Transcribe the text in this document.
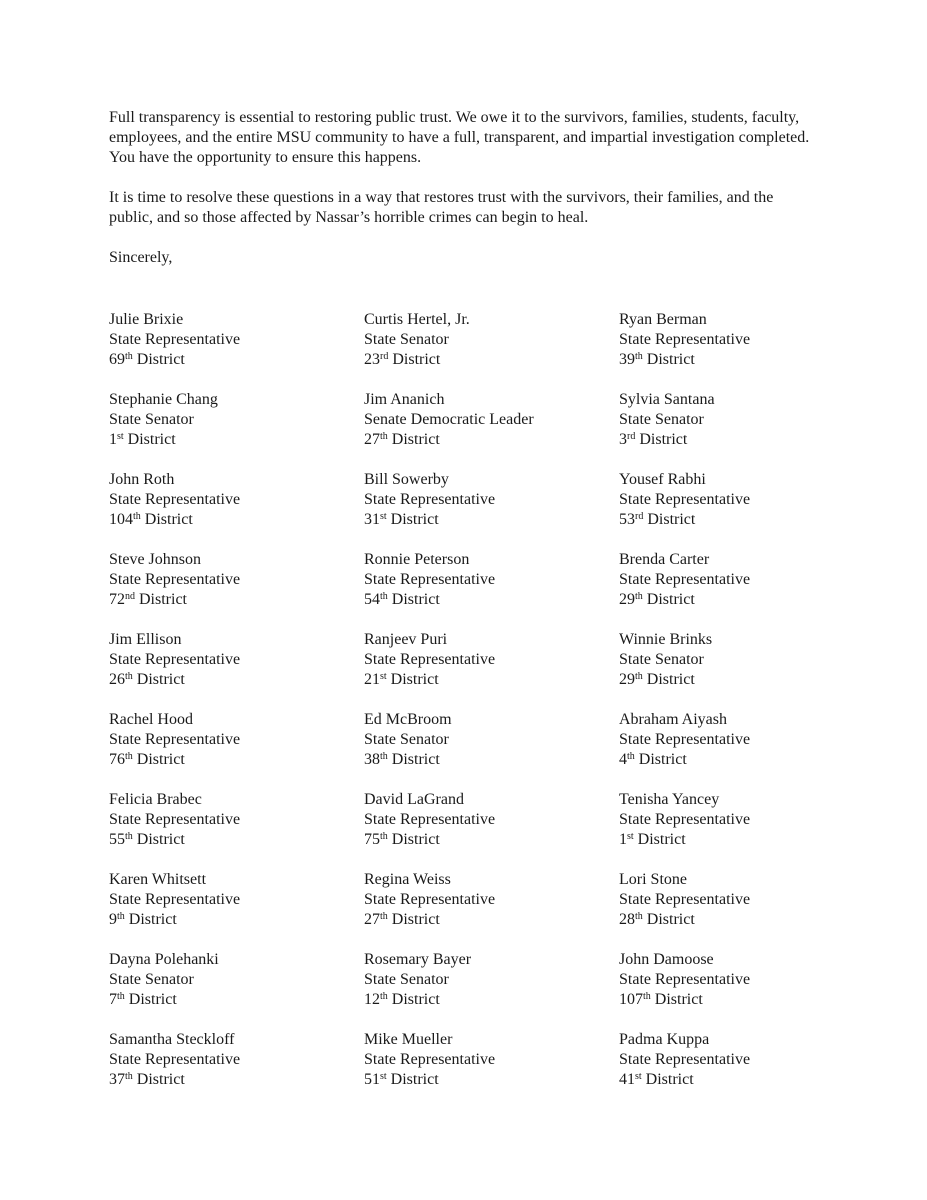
Full transparency is essential to restoring public trust. We owe it to the survivors, families, students, faculty, employees, and the entire MSU community to have a full, transparent, and impartial investigation completed. You have the opportunity to ensure this happens.

It is time to resolve these questions in a way that restores trust with the survivors, their families, and the public, and so those affected by Nassar’s horrible crimes can begin to heal.

Sincerely,

Julie Brixie
State Representative
69th District
Curtis Hertel, Jr.
State Senator
23rd District
Ryan Berman
State Representative
39th District
Stephanie Chang
State Senator
1st District
Jim Ananich
Senate Democratic Leader
27th District
Sylvia Santana
State Senator
3rd District
John Roth
State Representative
104th District
Bill Sowerby
State Representative
31st District
Yousef Rabhi
State Representative
53rd District
Steve Johnson
State Representative
72nd District
Ronnie Peterson
State Representative
54th District
Brenda Carter
State Representative
29th District
Jim Ellison
State Representative
26th District
Ranjeev Puri
State Representative
21st District
Winnie Brinks
State Senator
29th District
Rachel Hood
State Representative
76th District
Ed McBroom
State Senator
38th District
Abraham Aiyash
State Representative
4th District
Felicia Brabec
State Representative
55th District
David LaGrand
State Representative
75th District
Tenisha Yancey
State Representative
1st District
Karen Whitsett
State Representative
9th District
Regina Weiss
State Representative
27th District
Lori Stone
State Representative
28th District
Dayna Polehanki
State Senator
7th District
Rosemary Bayer
State Senator
12th District
John Damoose
State Representative
107th District
Samantha Steckloff
State Representative
37th District
Mike Mueller
State Representative
51st District
Padma Kuppa
State Representative
41st District
